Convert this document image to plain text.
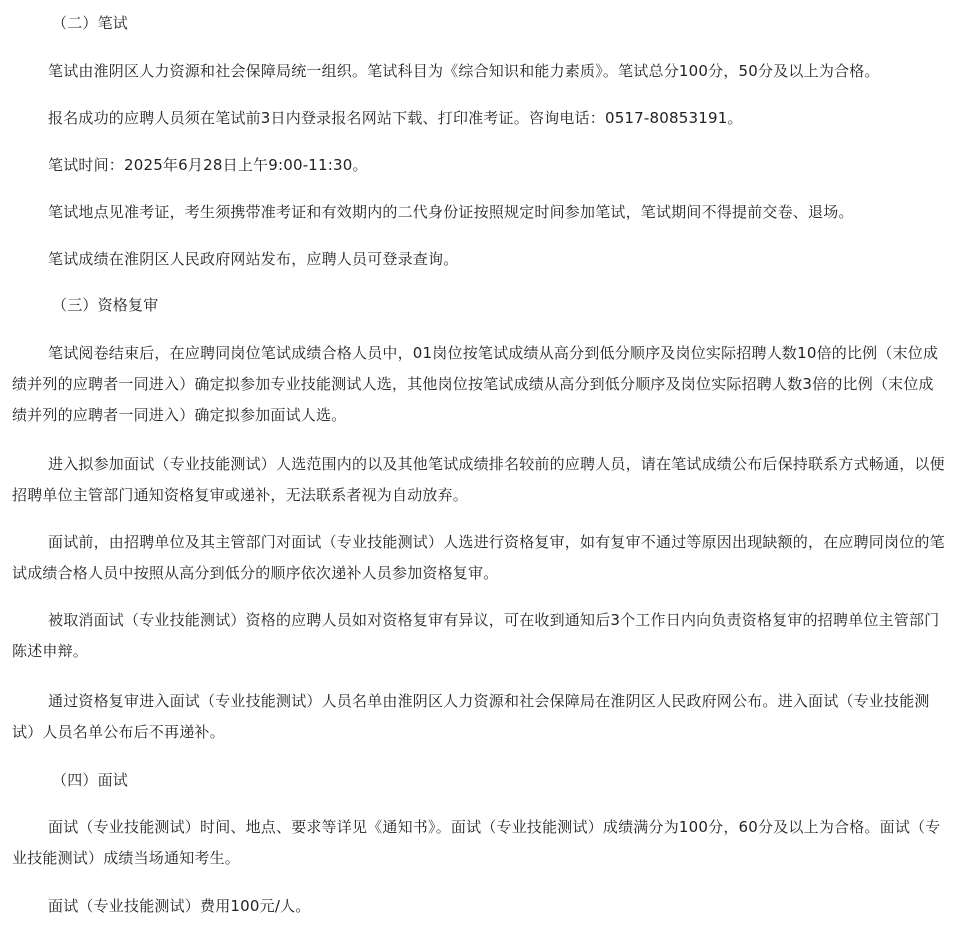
（二）笔试

笔试由淮阴区人力资源和社会保障局统一组织。笔试科目为《综合知识和能力素质》。笔试总分100分，50分及以上为合格。

报名成功的应聘人员须在笔试前3日内登录报名网站下载、打印准考证。咨询电话：0517-80853191。

笔试时间：2025年6月28日上午9:00-11:30。

笔试地点见准考证，考生须携带准考证和有效期内的二代身份证按照规定时间参加笔试，笔试期间不得提前交卷、退场。

笔试成绩在淮阴区人民政府网站发布，应聘人员可登录查询。

（三）资格复审

笔试阅卷结束后，在应聘同岗位笔试成绩合格人员中，01岗位按笔试成绩从高分到低分顺序及岗位实际招聘人数10倍的比例（末位成绩并列的应聘者一同进入）确定拟参加专业技能测试人选，其他岗位按笔试成绩从高分到低分顺序及岗位实际招聘人数3倍的比例（末位成绩并列的应聘者一同进入）确定拟参加面试人选。

进入拟参加面试（专业技能测试）人选范围内的以及其他笔试成绩排名较前的应聘人员，请在笔试成绩公布后保持联系方式畅通，以便招聘单位主管部门通知资格复审或递补，无法联系者视为自动放弃。

面试前，由招聘单位及其主管部门对面试（专业技能测试）人选进行资格复审，如有复审不通过等原因出现缺额的，在应聘同岗位的笔试成绩合格人员中按照从高分到低分的顺序依次递补人员参加资格复审。

被取消面试（专业技能测试）资格的应聘人员如对资格复审有异议，可在收到通知后3个工作日内向负责资格复审的招聘单位主管部门陈述申辩。

通过资格复审进入面试（专业技能测试）人员名单由淮阴区人力资源和社会保障局在淮阴区人民政府网公布。进入面试（专业技能测试）人员名单公布后不再递补。

（四）面试

面试（专业技能测试）时间、地点、要求等详见《通知书》。面试（专业技能测试）成绩满分为100分，60分及以上为合格。面试（专业技能测试）成绩当场通知考生。

面试（专业技能测试）费用100元/人。
